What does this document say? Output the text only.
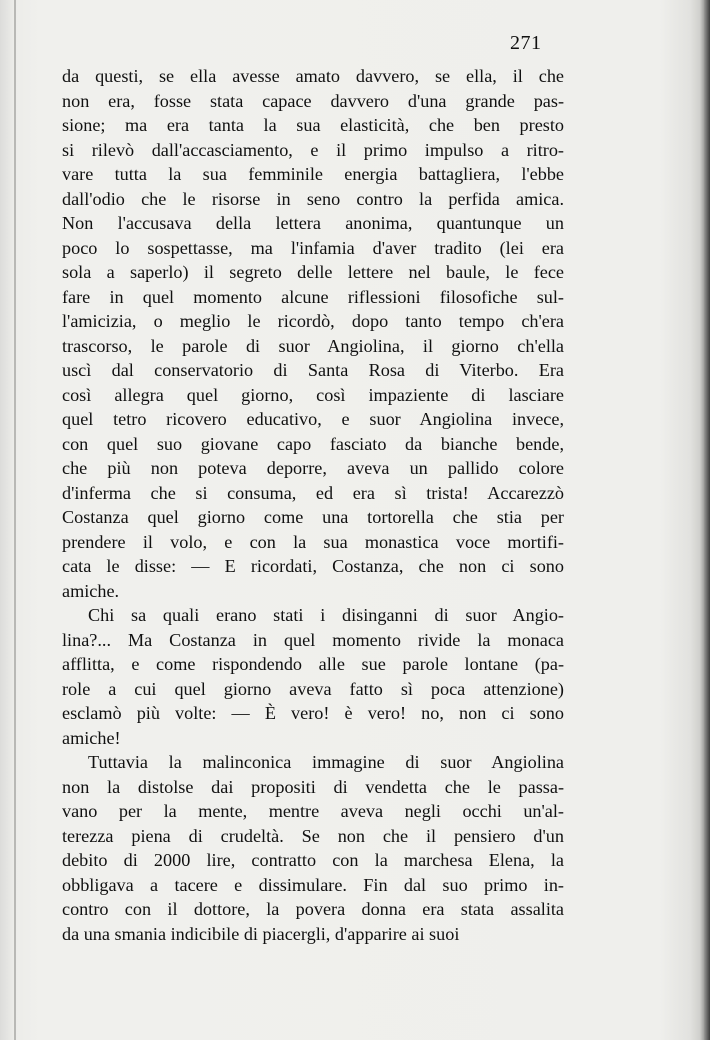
271
da questi, se ella avesse amato davvero, se ella, il che
non era, fosse stata capace davvero d'una grande pas-
sione; ma era tanta la sua elasticità, che ben presto
si rilevò dall'accasciamento, e il primo impulso a ritro-
vare tutta la sua femminile energia battagliera, l'ebbe
dall'odio che le risorse in seno contro la perfida amica.
Non l'accusava della lettera anonima, quantunque un
poco lo sospettasse, ma l'infamia d'aver tradito (lei era
sola a saperlo) il segreto delle lettere nel baule, le fece
fare in quel momento alcune riflessioni filosofiche sul-
l'amicizia, o meglio le ricordò, dopo tanto tempo ch'era
trascorso, le parole di suor Angiolina, il giorno ch'ella
uscì dal conservatorio di Santa Rosa di Viterbo. Era
così allegra quel giorno, così impaziente di lasciare
quel tetro ricovero educativo, e suor Angiolina invece,
con quel suo giovane capo fasciato da bianche bende,
che più non poteva deporre, aveva un pallido colore
d'inferma che si consuma, ed era sì trista! Accarezzò
Costanza quel giorno come una tortorella che stia per
prendere il volo, e con la sua monastica voce mortifi-
cata le disse: — E ricordati, Costanza, che non ci sono
amiche.
Chi sa quali erano stati i disinganni di suor Angio-
lina?... Ma Costanza in quel momento rivide la monaca
afflitta, e come rispondendo alle sue parole lontane (pa-
role a cui quel giorno aveva fatto sì poca attenzione)
esclamò più volte: — È vero! è vero! no, non ci sono
amiche!
Tuttavia la malinconica immagine di suor Angiolina
non la distolse dai propositi di vendetta che le passa-
vano per la mente, mentre aveva negli occhi un'al-
terezza piena di crudeltà. Se non che il pensiero d'un
debito di 2000 lire, contratto con la marchesa Elena, la
obbligava a tacere e dissimulare. Fin dal suo primo in-
contro con il dottore, la povera donna era stata assalita
da una smania indicibile di piacergli, d'apparire ai suoi
